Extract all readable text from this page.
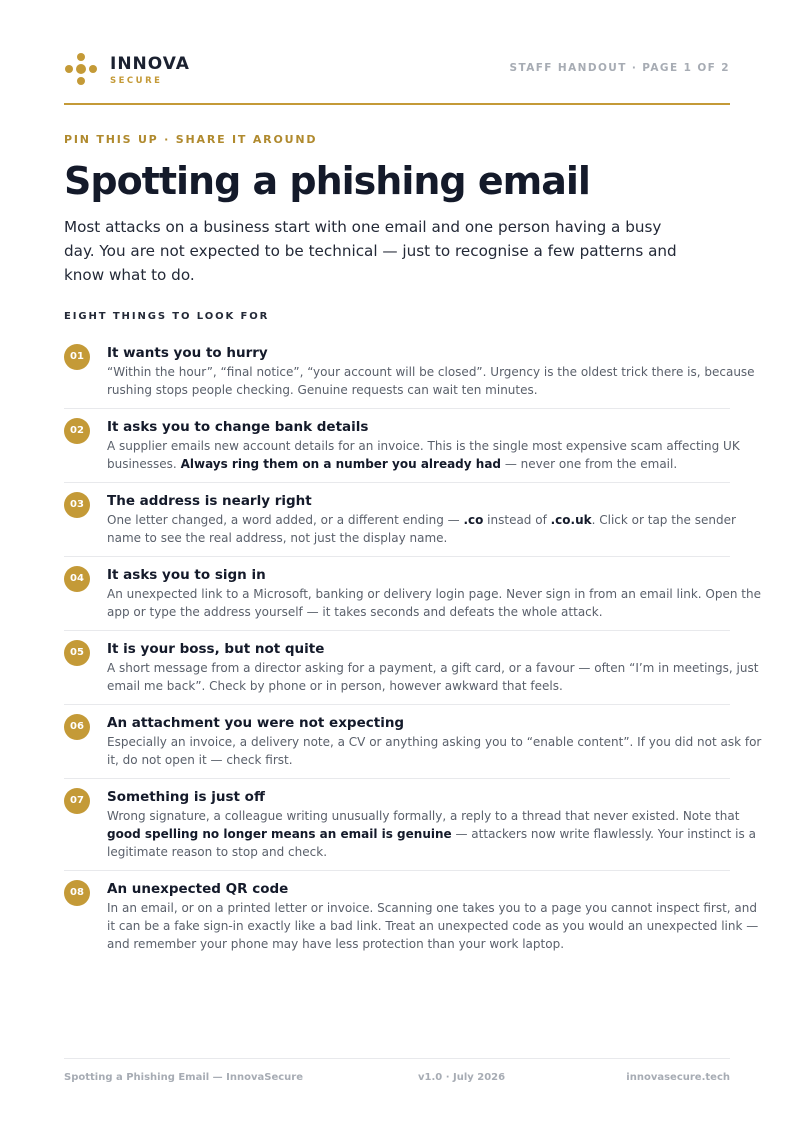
INNOVA
SECURE
STAFF HANDOUT · PAGE 1 OF 2
PIN THIS UP · SHARE IT AROUND
Spotting a phishing email
Most attacks on a business start with one email and one person having a busy day. You are not expected to be technical — just to recognise a few patterns and know what to do.
EIGHT THINGS TO LOOK FOR
01	It wants you to hurry
“Within the hour”, “final notice”, “your account will be closed”. Urgency is the oldest trick there is, because
rushing stops people checking. Genuine requests can wait ten minutes.
02	It asks you to change bank details
A supplier emails new account details for an invoice. This is the single most expensive scam affecting UK
businesses. Always ring them on a number you already had — never one from the email.
03	The address is nearly right
One letter changed, a word added, or a different ending — .co instead of .co.uk. Click or tap the sender
name to see the real address, not just the display name.
04	It asks you to sign in
An unexpected link to a Microsoft, banking or delivery login page. Never sign in from an email link. Open the
app or type the address yourself — it takes seconds and defeats the whole attack.
05	It is your boss, but not quite
A short message from a director asking for a payment, a gift card, or a favour — often “I’m in meetings, just
email me back”. Check by phone or in person, however awkward that feels.
06	An attachment you were not expecting
Especially an invoice, a delivery note, a CV or anything asking you to “enable content”. If you did not ask for
it, do not open it — check first.
07	Something is just off
Wrong signature, a colleague writing unusually formally, a reply to a thread that never existed. Note that
good spelling no longer means an email is genuine — attackers now write flawlessly. Your instinct is a
legitimate reason to stop and check.
08	An unexpected QR code
In an email, or on a printed letter or invoice. Scanning one takes you to a page you cannot inspect first, and
it can be a fake sign-in exactly like a bad link. Treat an unexpected code as you would an unexpected link —
and remember your phone may have less protection than your work laptop.
Spotting a Phishing Email — InnovaSecure	v1.0 · July 2026	innovasecure.tech
